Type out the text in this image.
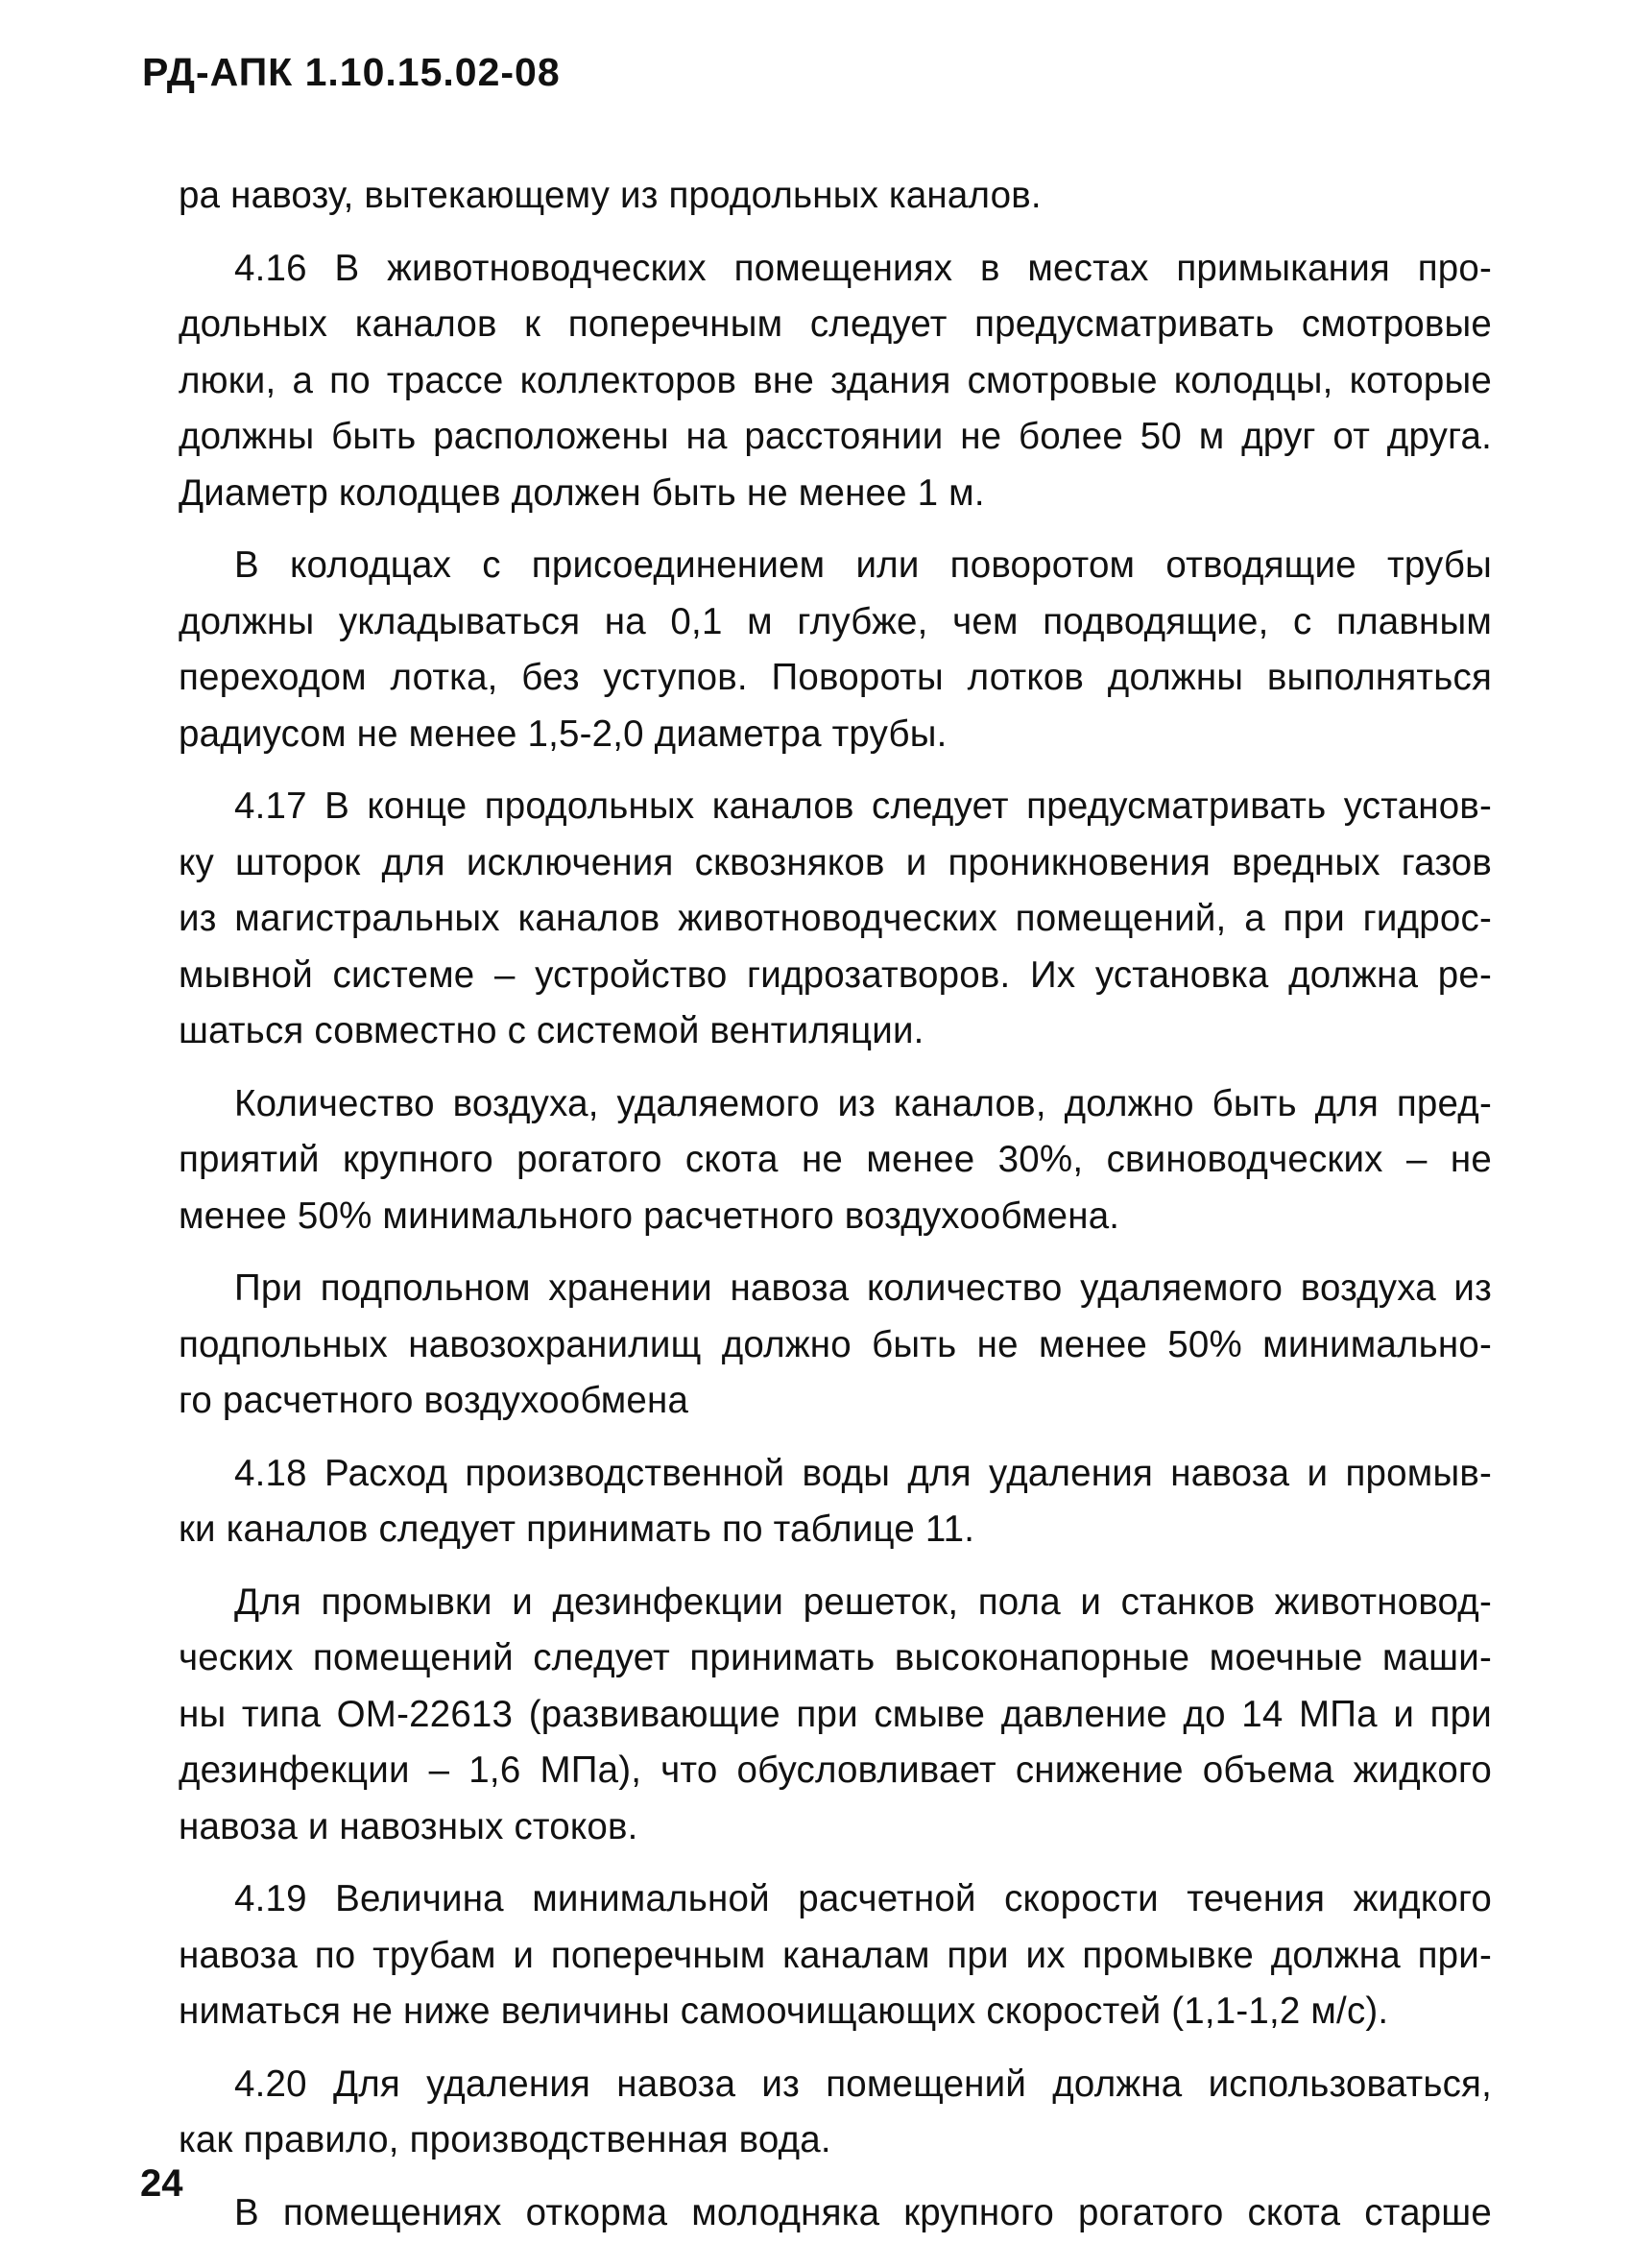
РД-АПК 1.10.15.02-08
ра навозу, вытекающему из продольных каналов.
4.16 В животноводческих помещениях в местах примыкания про-
дольных каналов к поперечным следует предусматривать смотровые
люки, а по трассе коллекторов вне здания смотровые колодцы, которые
должны быть расположены на расстоянии не более 50 м друг от друга.
Диаметр колодцев должен быть не менее 1 м.
В колодцах с присоединением или поворотом отводящие трубы
должны укладываться на 0,1 м глубже, чем подводящие, с плавным
переходом лотка, без уступов. Повороты лотков должны выполняться
радиусом не менее 1,5-2,0 диаметра трубы.
4.17 В конце продольных каналов следует предусматривать установ-
ку шторок для исключения сквозняков и проникновения вредных газов
из магистральных каналов животноводческих помещений, а при гидрос-
мывной системе – устройство гидрозатворов. Их установка должна ре-
шаться совместно с системой вентиляции.
Количество воздуха, удаляемого из каналов, должно быть для пред-
приятий крупного рогатого скота не менее 30%, свиноводческих – не
менее 50% минимального расчетного воздухообмена.
При подпольном хранении навоза количество удаляемого воздуха из
подпольных навозохранилищ должно быть не менее 50% минимально-
го расчетного воздухообмена
4.18 Расход производственной воды для удаления навоза и промыв-
ки каналов следует принимать по таблице 11.
Для промывки и дезинфекции решеток, пола и станков животновод-
ческих помещений следует принимать высоконапорные моечные маши-
ны типа ОМ-22613 (развивающие при смыве давление до 14 МПа и при
дезинфекции – 1,6 МПа), что обусловливает снижение объема жидкого
навоза и навозных стоков.
4.19 Величина минимальной расчетной скорости течения жидкого
навоза по трубам и поперечным каналам при их промывке должна при-
ниматься не ниже величины самоочищающих скоростей (1,1-1,2 м/с).
4.20 Для удаления навоза из помещений должна использоваться,
как правило, производственная вода.
В помещениях откорма молодняка крупного рогатого скота старше

24
